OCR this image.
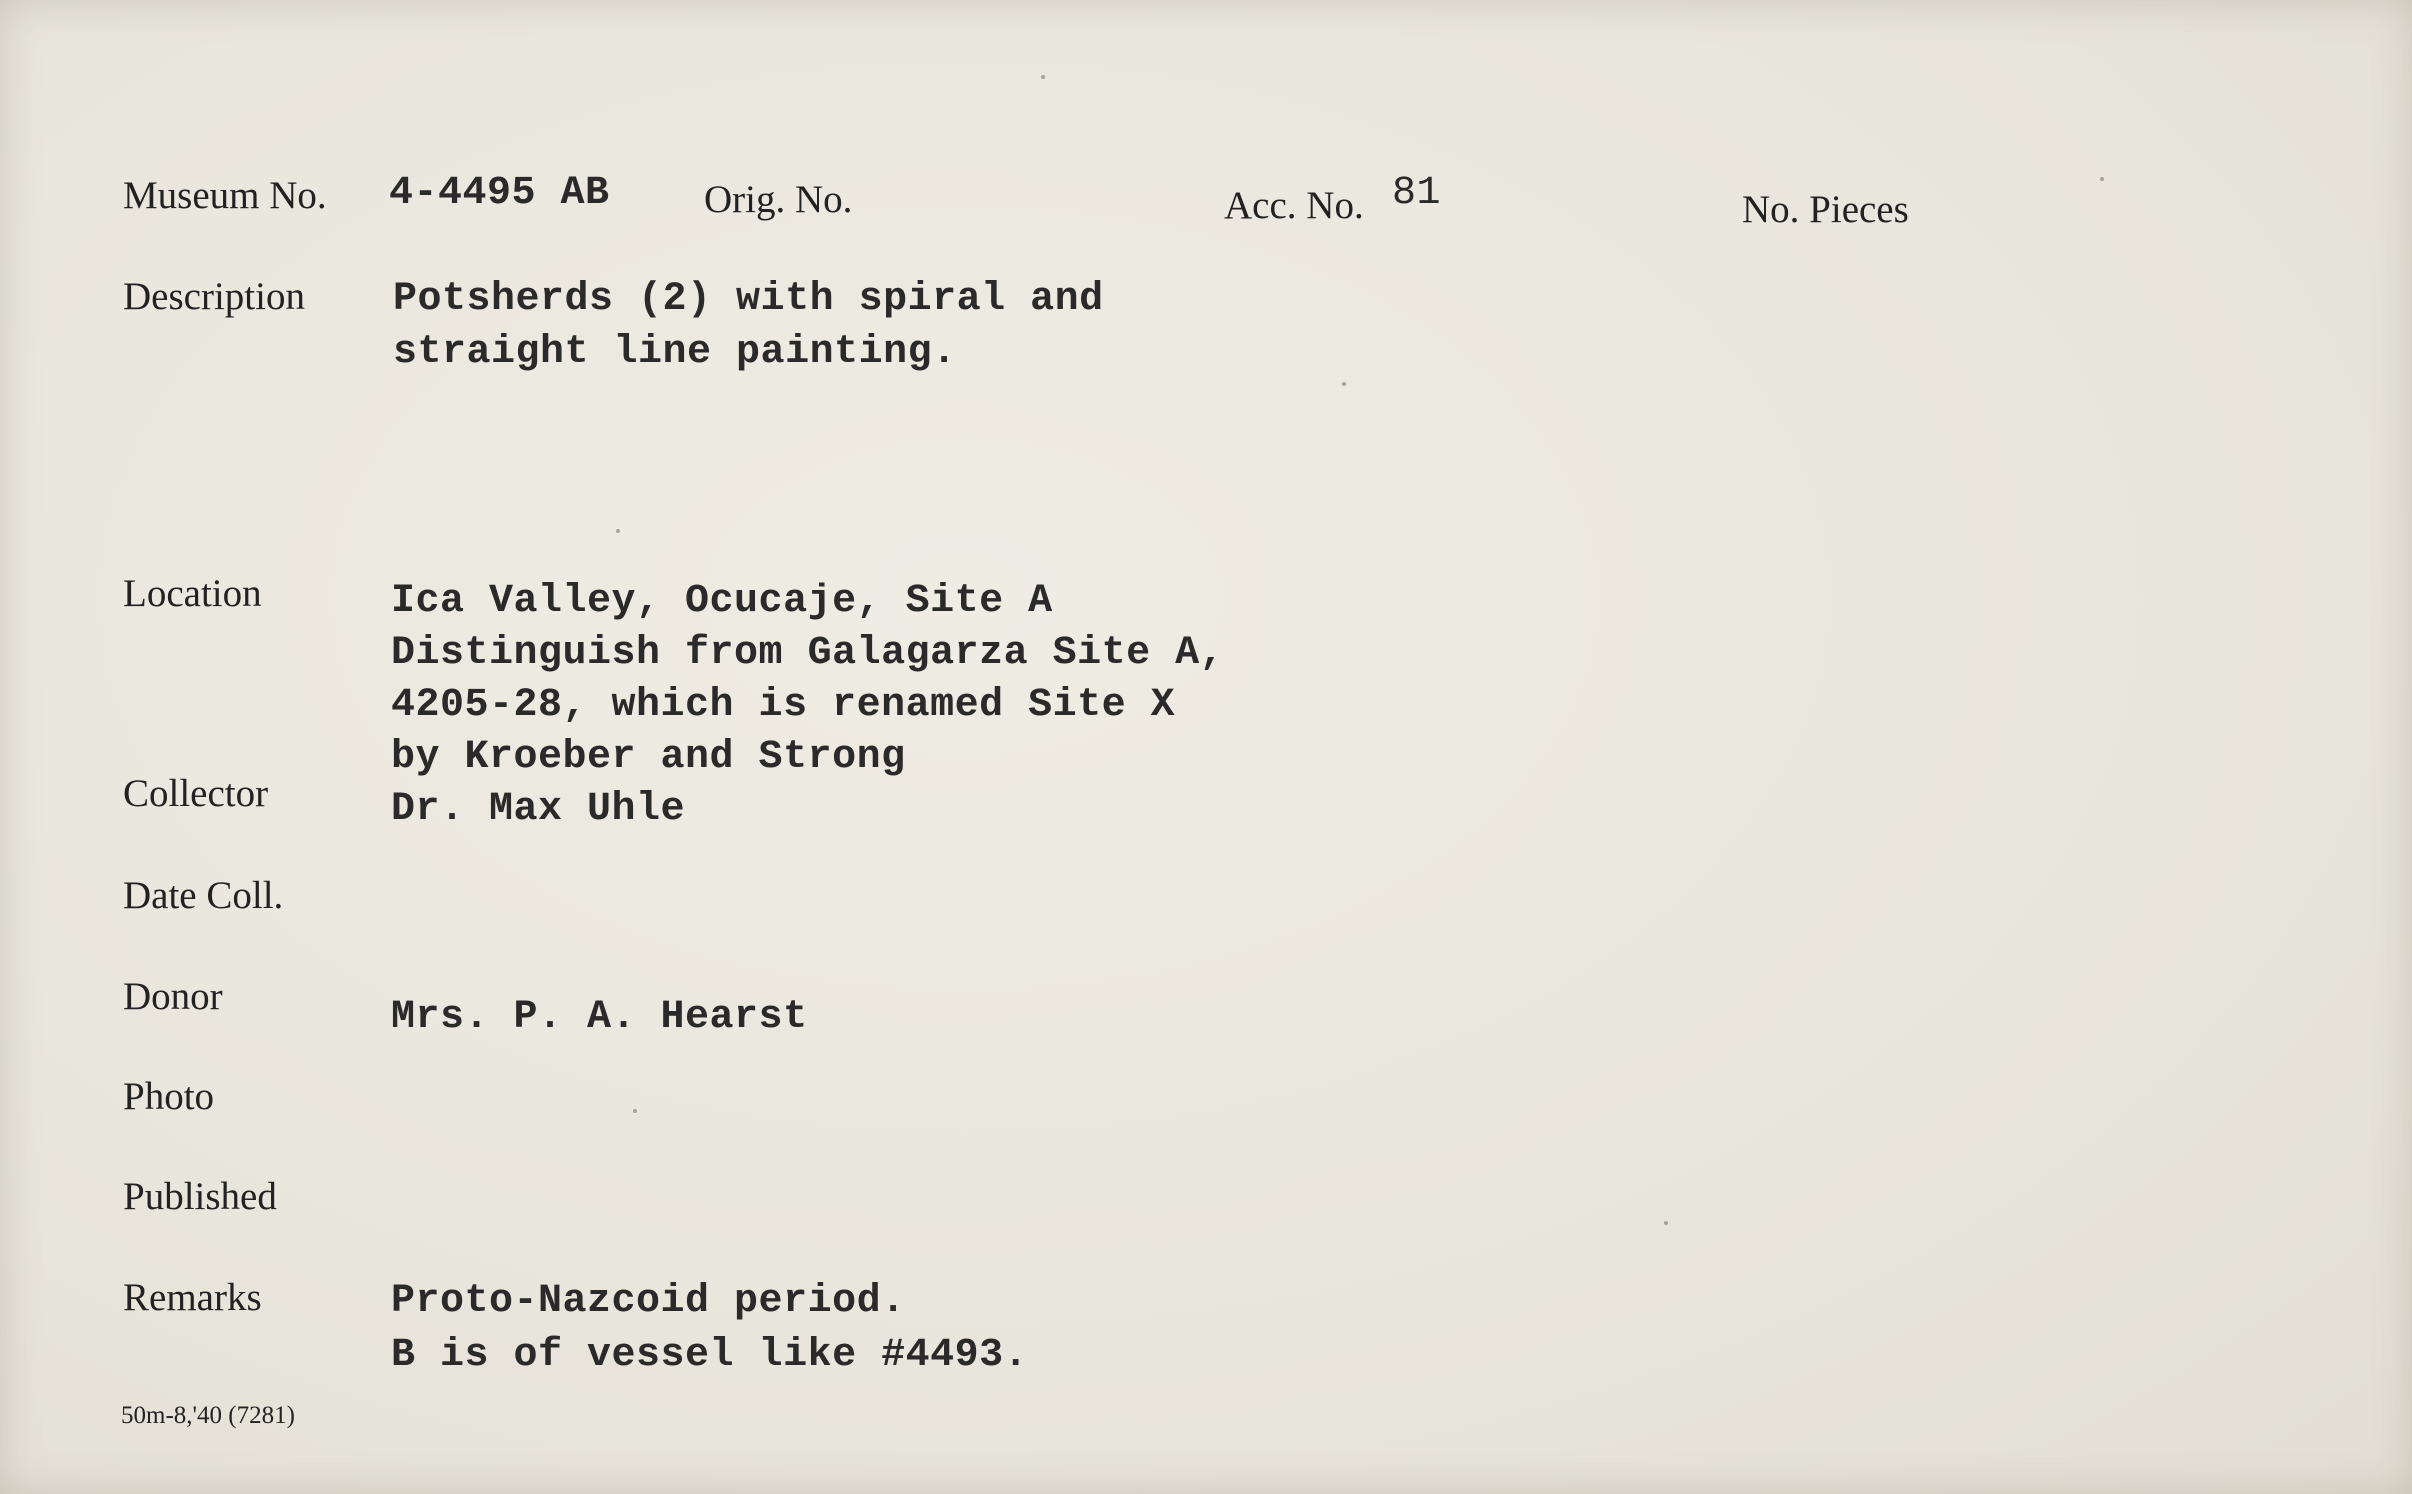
Museum No. 4-4495 AB Orig. No.	Acc. No. 81	No. Pieces
Description Potsherds (2) with spiral and
straight line painting.
Location	Ica Valley, Ocucaje, Site A
Distinguish from Galagarza Site A,
4205-28, which is renamed Site X
by Kroeber and Strong
Collector	Dr. Max Uhle
Date Coll.
Donor	Mrs. P. A. Hearst
Photo
Published
Remarks	Proto-Nazcoid period.
B is of vessel like #4493.
50m-8,'40 (7281)
